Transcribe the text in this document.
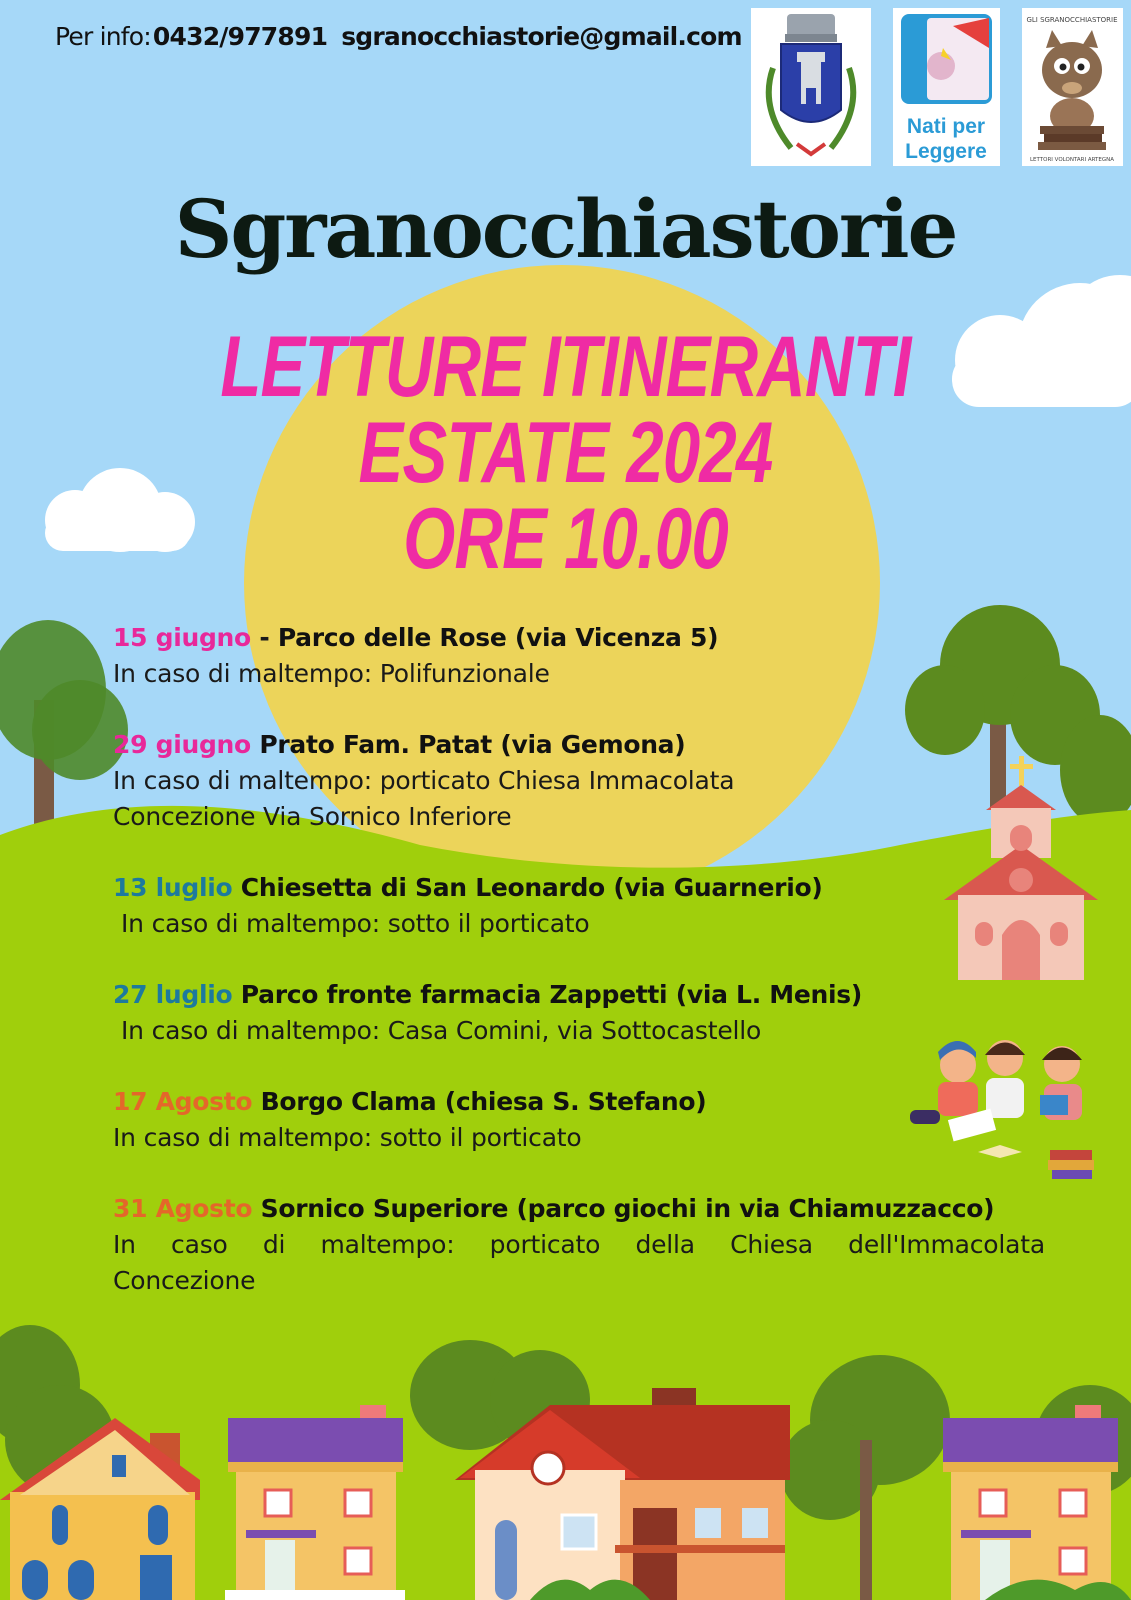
Per info:0432/977891 sgranocchiastorie@gmail.com
Nati per
Leggere
GLI SGRANOCCHIASTORIE
LETTORI VOLONTARI ARTEGNA
Sgranocchiastorie
LETTURE ITINERANTI
ESTATE 2024
ORE 10.00
15 giugno - Parco delle Rose (via Vicenza 5)
In caso di maltempo: Polifunzionale
29 giugno Prato Fam. Patat (via Gemona)
In caso di maltempo: porticato Chiesa Immacolata Concezione Via Sornico Inferiore
13 luglio Chiesetta di San Leonardo (via Guarnerio)
In caso di maltempo: sotto il porticato
27 luglio Parco fronte farmacia Zappetti (via L. Menis)
In caso di maltempo: Casa Comini, via Sottocastello
17 Agosto Borgo Clama (chiesa S. Stefano)
In caso di maltempo: sotto il porticato
31 Agosto Sornico Superiore (parco giochi in via Chiamuzzacco)
In caso di maltempo: porticato della Chiesa dell'Immacolata Concezione
